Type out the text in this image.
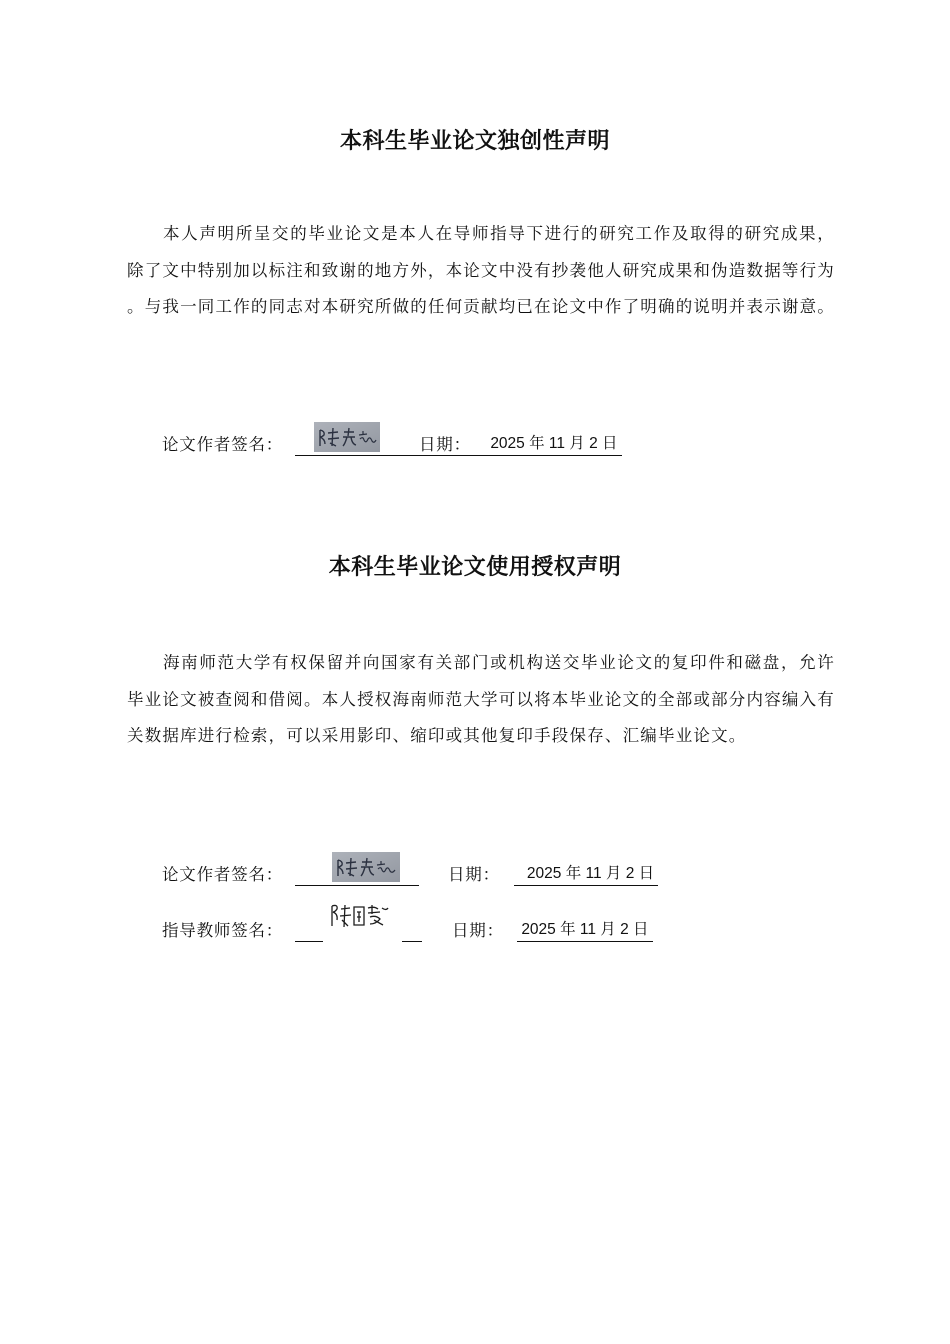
本科生毕业论文独创性声明

本人声明所呈交的毕业论文是本人在导师指导下进行的研究工作及取得的研究成果，除了文中特别加以标注和致谢的地方外，本论文中没有抄袭他人研究成果和伪造数据等行为 。与我一同工作的同志对本研究所做的任何贡献均已在论文中作了明确的说明并表示谢意。

论文作者签名：	日期： 2025 年 11 月 2 日
本科生毕业论文使用授权声明

海南师范大学有权保留并向国家有关部门或机构送交毕业论文的复印件和磁盘，允许毕业论文被查阅和借阅。本人授权海南师范大学可以将本毕业论文的全部或部分内容编入有关数据库进行检索，可以采用影印、缩印或其他复印手段保存、汇编毕业论文。

论文作者签名：	日期：	2025 年 11 月 2 日
指导教师签名：	日期： 2025 年 11 月 2 日
